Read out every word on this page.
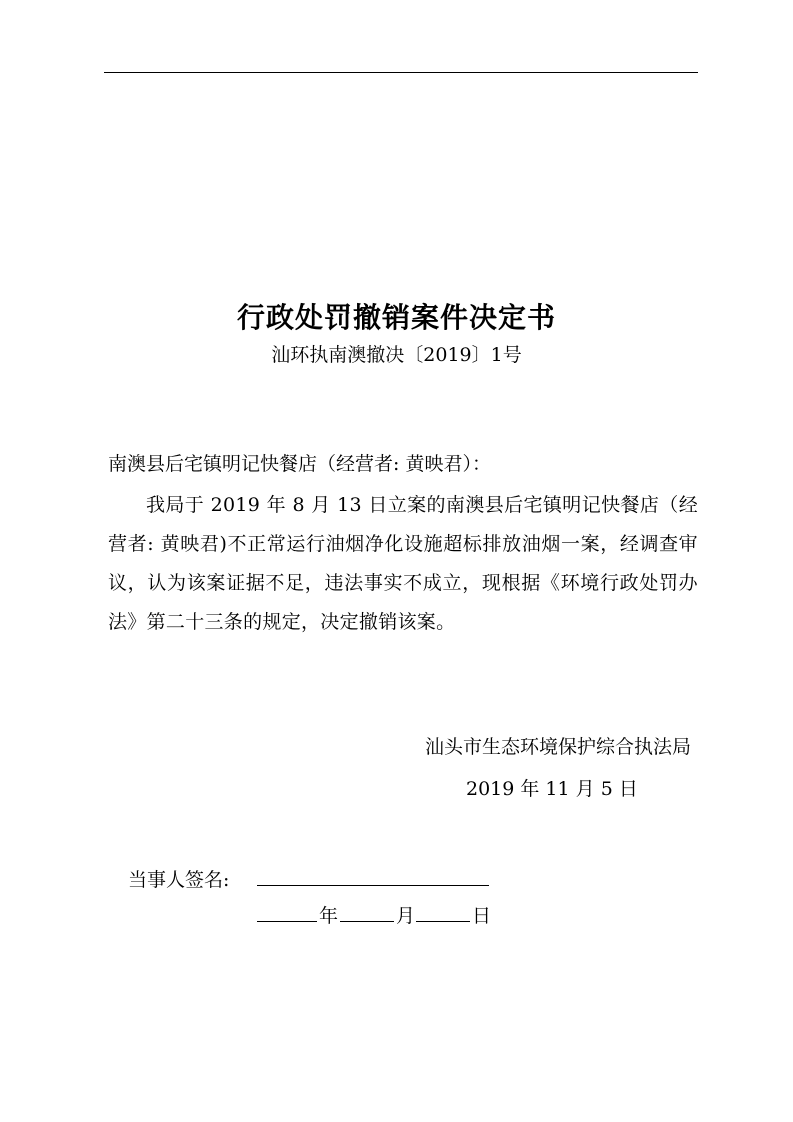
行政处罚撤销案件决定书
汕环执南澳撤决〔2019〕1号
南澳县后宅镇明记快餐店（经营者: 黄映君）：
我局于 2019 年 8 月 13 日立案的南澳县后宅镇明记快餐店（经营者: 黄映君)不正常运行油烟净化设施超标排放油烟一案，经调查审议，认为该案证据不足，违法事实不成立，现根据《环境行政处罚办法》第二十三条的规定，决定撤销该案。
汕头市生态环境保护综合执法局
2019 年 11 月 5 日
当事人签名:
年	月	日
